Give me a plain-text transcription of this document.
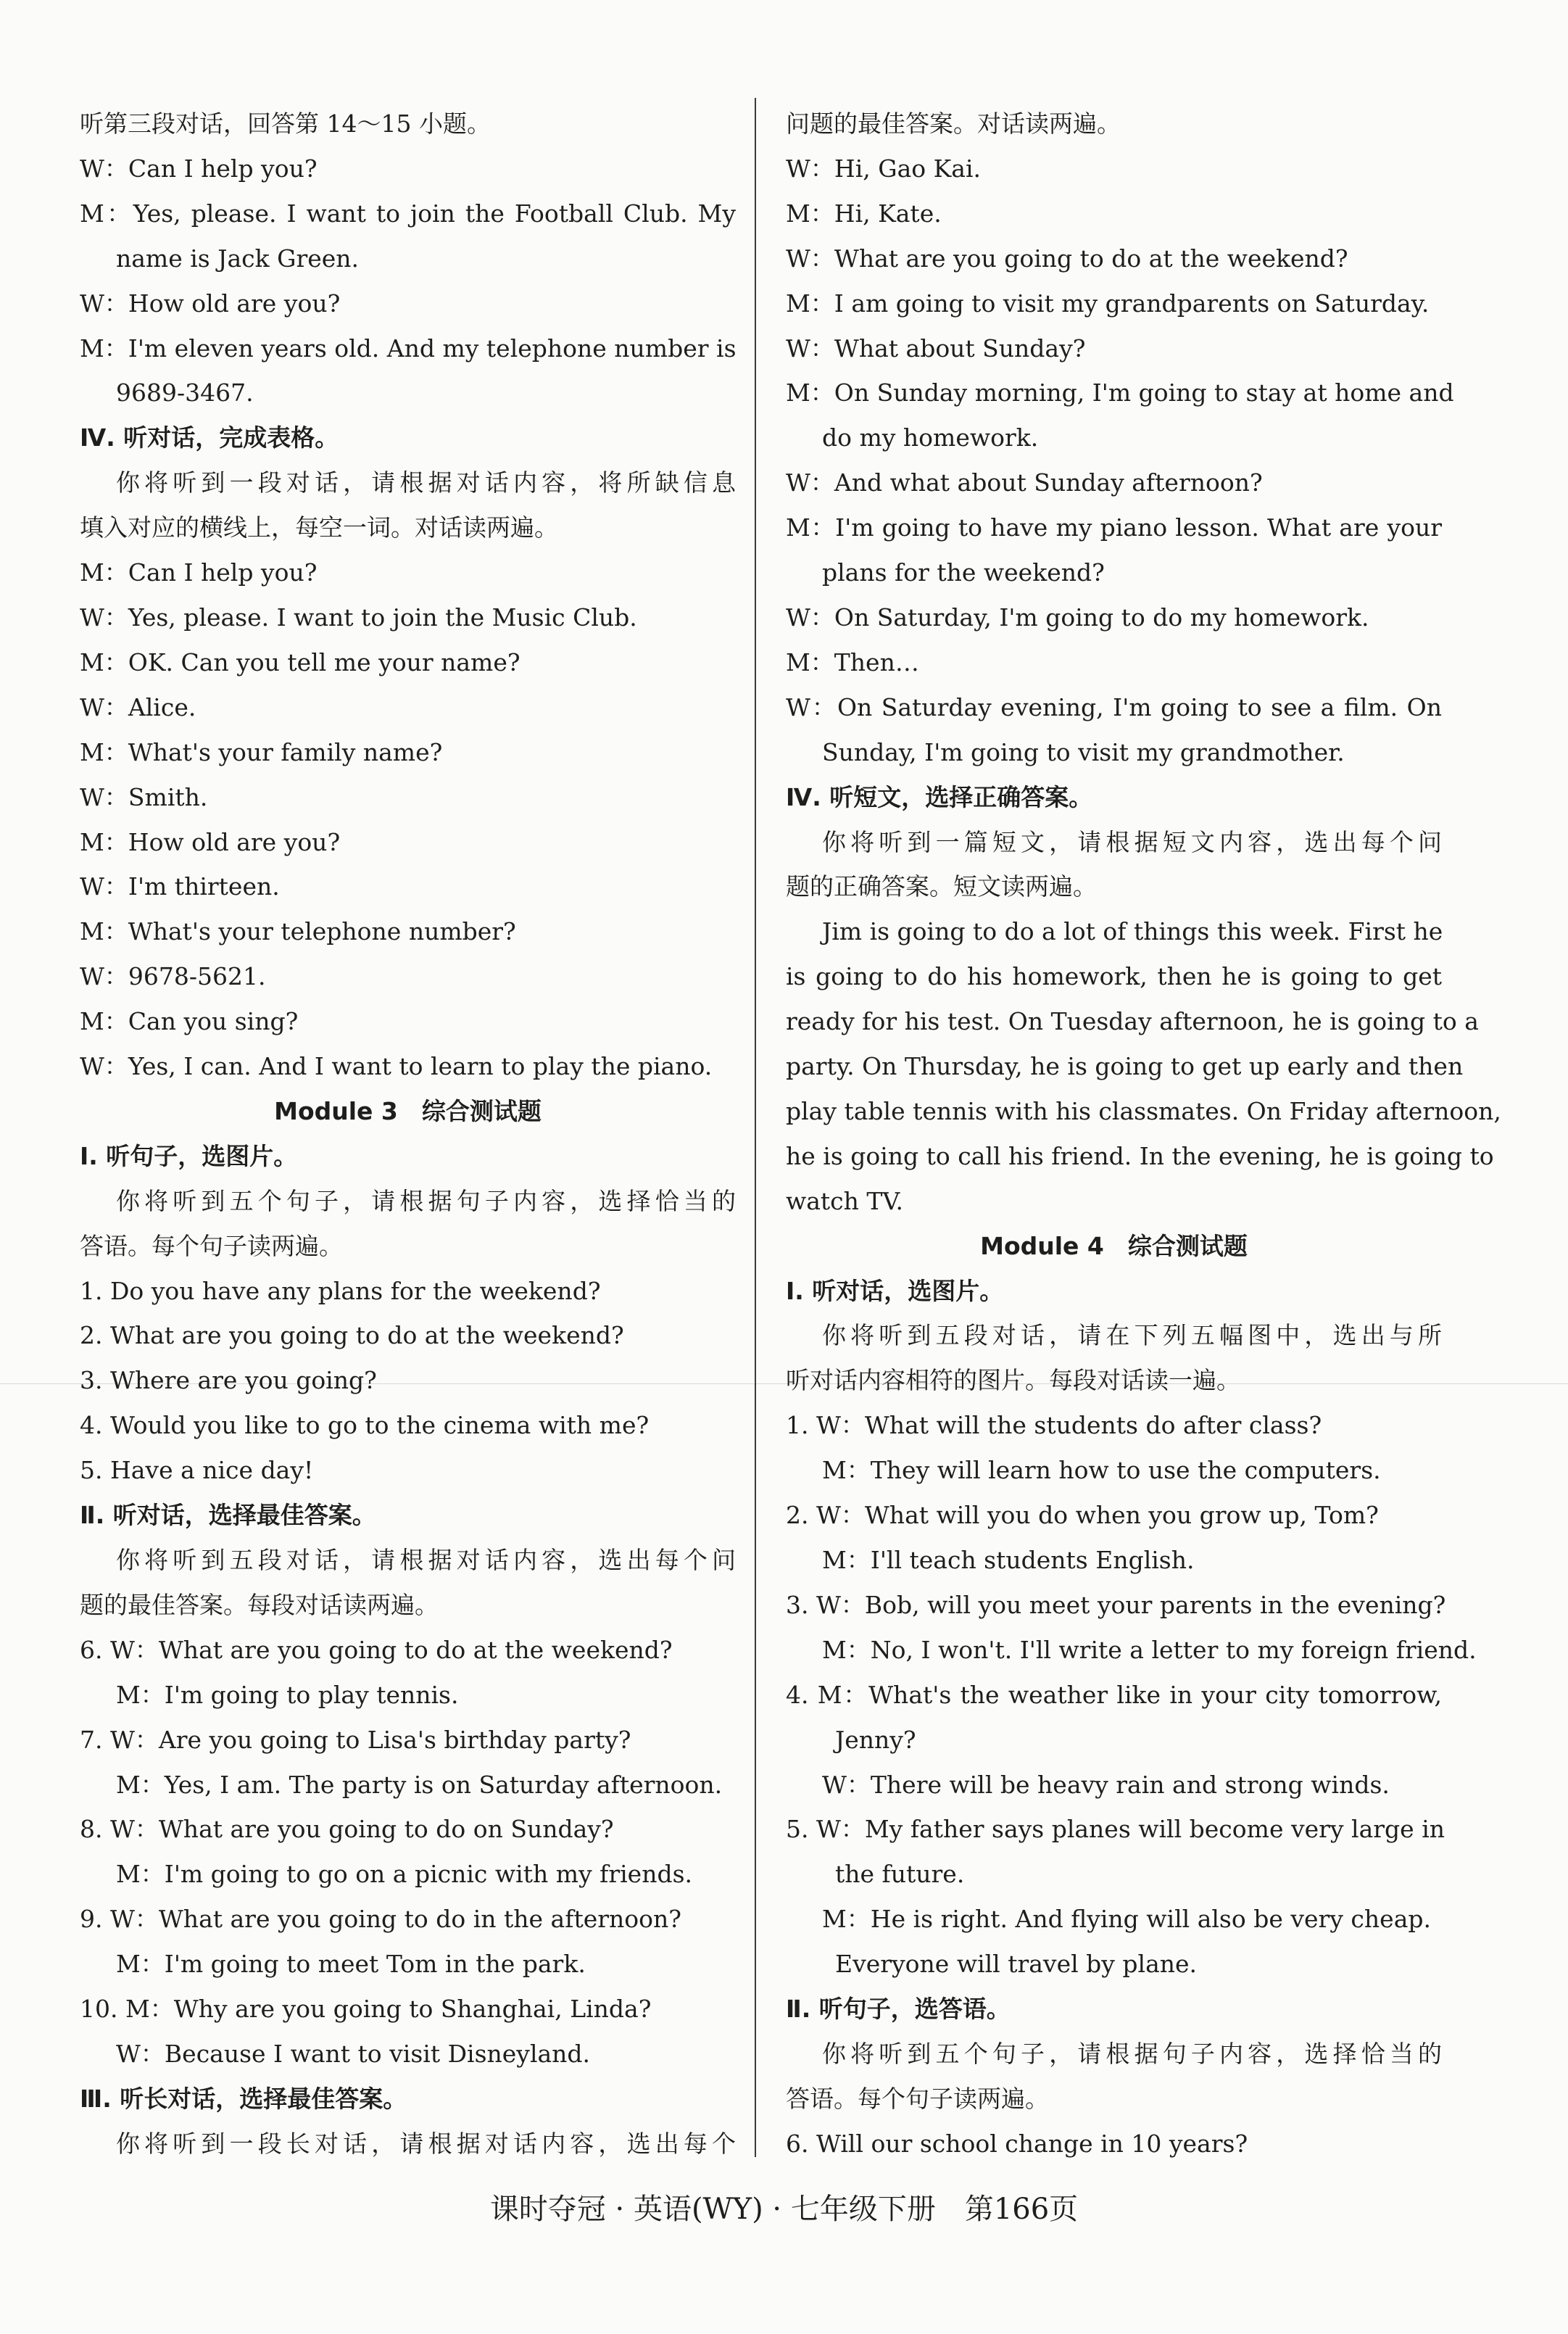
听第三段对话，回答第 14～15 小题。
W：Can I help you?
M：Yes, please. I want to join the Football Club. My
name is Jack Green.
W：How old are you?
M：I'm eleven years old. And my telephone number is
9689-3467.
Ⅳ. 听对话，完成表格。
你将听到一段对话，请根据对话内容，将所缺信息
填入对应的横线上，每空一词。对话读两遍。
M：Can I help you?
W：Yes, please. I want to join the Music Club.
M：OK. Can you tell me your name?
W：Alice.
M：What's your family name?
W：Smith.
M：How old are you?
W：I'm thirteen.
M：What's your telephone number?
W：9678-5621.
M：Can you sing?
W：Yes, I can. And I want to learn to play the piano.
Module 3　综合测试题
Ⅰ. 听句子，选图片。
你将听到五个句子，请根据句子内容，选择恰当的
答语。每个句子读两遍。
1. Do you have any plans for the weekend?
2. What are you going to do at the weekend?
3. Where are you going?
4. Would you like to go to the cinema with me?
5. Have a nice day!
Ⅱ. 听对话，选择最佳答案。
你将听到五段对话，请根据对话内容，选出每个问
题的最佳答案。每段对话读两遍。
6. W：What are you going to do at the weekend?
M：I'm going to play tennis.
7. W：Are you going to Lisa's birthday party?
M：Yes, I am. The party is on Saturday afternoon.
8. W：What are you going to do on Sunday?
M：I'm going to go on a picnic with my friends.
9. W：What are you going to do in the afternoon?
M：I'm going to meet Tom in the park.
10. M：Why are you going to Shanghai, Linda?
W：Because I want to visit Disneyland.
Ⅲ. 听长对话，选择最佳答案。
你将听到一段长对话，请根据对话内容，选出每个
问题的最佳答案。对话读两遍。
W：Hi, Gao Kai.
M：Hi, Kate.
W：What are you going to do at the weekend?
M：I am going to visit my grandparents on Saturday.
W：What about Sunday?
M：On Sunday morning, I'm going to stay at home and
do my homework.
W：And what about Sunday afternoon?
M：I'm going to have my piano lesson. What are your
plans for the weekend?
W：On Saturday, I'm going to do my homework.
M：Then…
W：On Saturday evening, I'm going to see a film. On
Sunday, I'm going to visit my grandmother.
Ⅳ. 听短文，选择正确答案。
你将听到一篇短文，请根据短文内容，选出每个问
题的正确答案。短文读两遍。
Jim is going to do a lot of things this week. First he
is going to do his homework, then he is going to get
ready for his test. On Tuesday afternoon, he is going to a
party. On Thursday, he is going to get up early and then
play table tennis with his classmates. On Friday afternoon,
he is going to call his friend. In the evening, he is going to
watch TV.
Module 4　综合测试题
Ⅰ. 听对话，选图片。
你将听到五段对话，请在下列五幅图中，选出与所
听对话内容相符的图片。每段对话读一遍。
1. W：What will the students do after class?
M：They will learn how to use the computers.
2. W：What will you do when you grow up, Tom?
M：I'll teach students English.
3. W：Bob, will you meet your parents in the evening?
M：No, I won't. I'll write a letter to my foreign friend.
4. M：What's the weather like in your city tomorrow,
Jenny?
W：There will be heavy rain and strong winds.
5. W：My father says planes will become very large in
the future.
M：He is right. And flying will also be very cheap.
Everyone will travel by plane.
Ⅱ. 听句子，选答语。
你将听到五个句子，请根据句子内容，选择恰当的
答语。每个句子读两遍。
6. Will our school change in 10 years?
课时夺冠 · 英语(WY) · 七年级下册　第166页
